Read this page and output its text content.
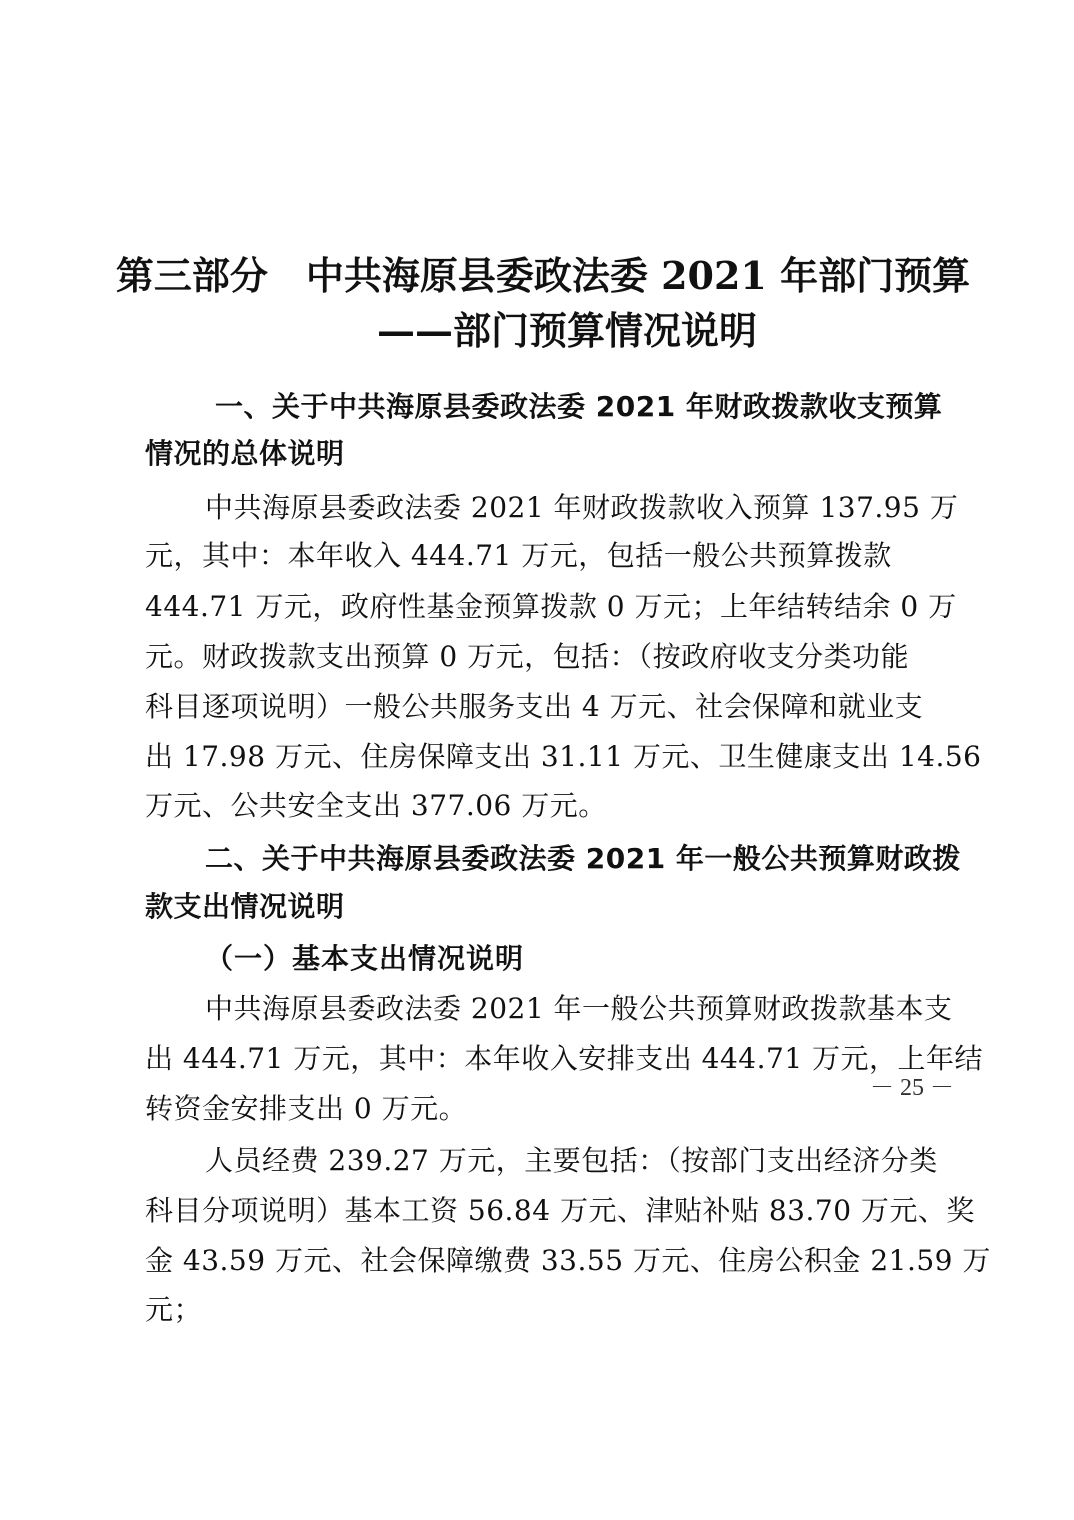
第三部分　中共海原县委政法委 2021 年部门预算
——部门预算情况说明
一、关于中共海原县委政法委 2021 年财政拨款收支预算
情况的总体说明
中共海原县委政法委 2021 年财政拨款收入预算 137.95 万
元，其中：本年收入 444.71 万元，包括一般公共预算拨款
444.71 万元，政府性基金预算拨款 0 万元；上年结转结余 0 万
元。财政拨款支出预算 0 万元，包括：（按政府收支分类功能
科目逐项说明）一般公共服务支出 4 万元、社会保障和就业支
出 17.98 万元、住房保障支出 31.11 万元、卫生健康支出 14.56
万元、公共安全支出 377.06 万元。
二、关于中共海原县委政法委 2021 年一般公共预算财政拨
款支出情况说明
（一）基本支出情况说明
中共海原县委政法委 2021 年一般公共预算财政拨款基本支
出 444.71 万元，其中：本年收入安排支出 444.71 万元，上年结
转资金安排支出 0 万元。
人员经费 239.27 万元，主要包括：（按部门支出经济分类
科目分项说明）基本工资 56.84 万元、津贴补贴 83.70 万元、奖
金 43.59 万元、社会保障缴费 33.55 万元、住房公积金 21.59 万
元；
－ 25 －
